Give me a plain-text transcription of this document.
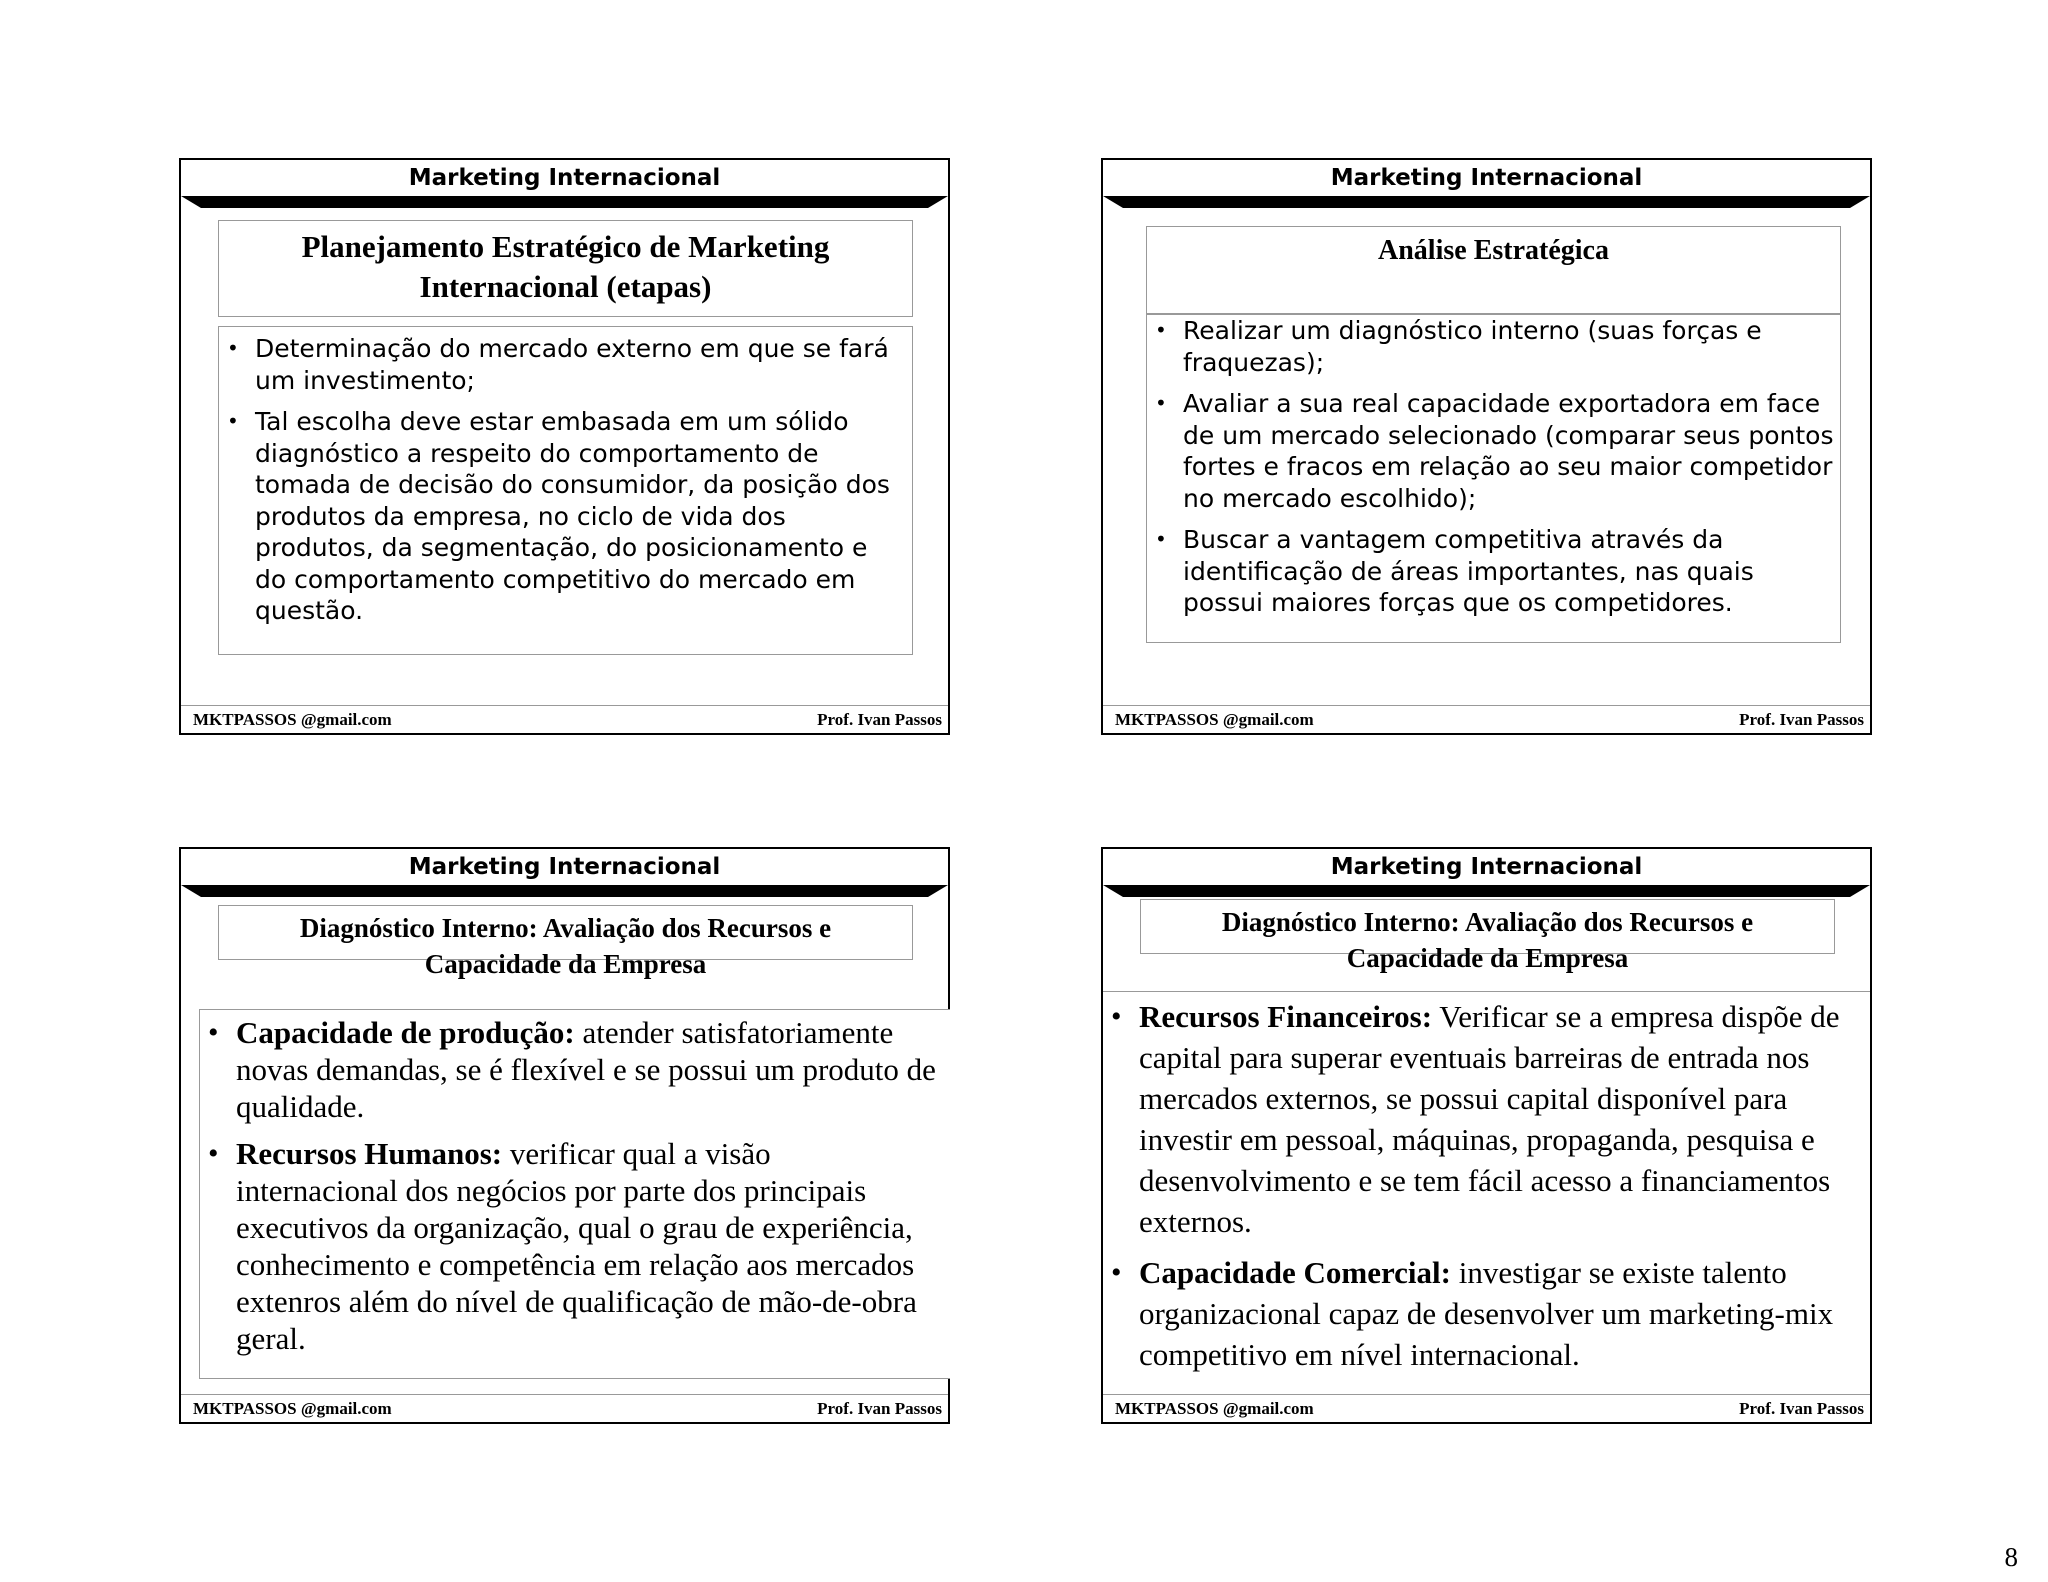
Marketing Internacional
Planejamento Estratégico de Marketing
Internacional (etapas)
• Determinação do mercado externo em que se fará um investimento;
• Tal escolha deve estar embasada em um sólido diagnóstico a respeito do comportamento de tomada de decisão do consumidor, da posição dos produtos da empresa, no ciclo de vida dos produtos, da segmentação, do posicionamento e do comportamento competitivo do mercado em questão.
MKTPASSOS @gmail.com	Prof. Ivan Passos
Marketing Internacional
Análise Estratégica
• Realizar um diagnóstico interno (suas forças e fraquezas);
• Avaliar a sua real capacidade exportadora em face de um mercado selecionado (comparar seus pontos fortes e fracos em relação ao seu maior competidor no mercado escolhido);
• Buscar a vantagem competitiva através da identificação de áreas importantes, nas quais possui maiores forças que os competidores.
MKTPASSOS @gmail.com	Prof. Ivan Passos
Marketing Internacional
Diagnóstico Interno: Avaliação dos Recursos e
Capacidade da Empresa
• Capacidade de produção: atender satisfatoriamente novas demandas, se é flexível e se possui um produto de qualidade.
• Recursos Humanos: verificar qual a visão internacional dos negócios por parte dos principais executivos da organização, qual o grau de experiência, conhecimento e competência em relação aos mercados extenros além do nível de qualificação de mão-de-obra geral.
MKTPASSOS @gmail.com	Prof. Ivan Passos
Marketing Internacional
Diagnóstico Interno: Avaliação dos Recursos e
Capacidade da Empresa
• Recursos Financeiros: Verificar se a empresa dispõe de capital para superar eventuais barreiras de entrada nos mercados externos, se possui capital disponível para investir em pessoal, máquinas, propaganda, pesquisa e desenvolvimento e se tem fácil acesso a financiamentos externos.
• Capacidade Comercial: investigar se existe talento organizacional capaz de desenvolver um marketing-mix competitivo em nível internacional.
MKTPASSOS @gmail.com	Prof. Ivan Passos
8
